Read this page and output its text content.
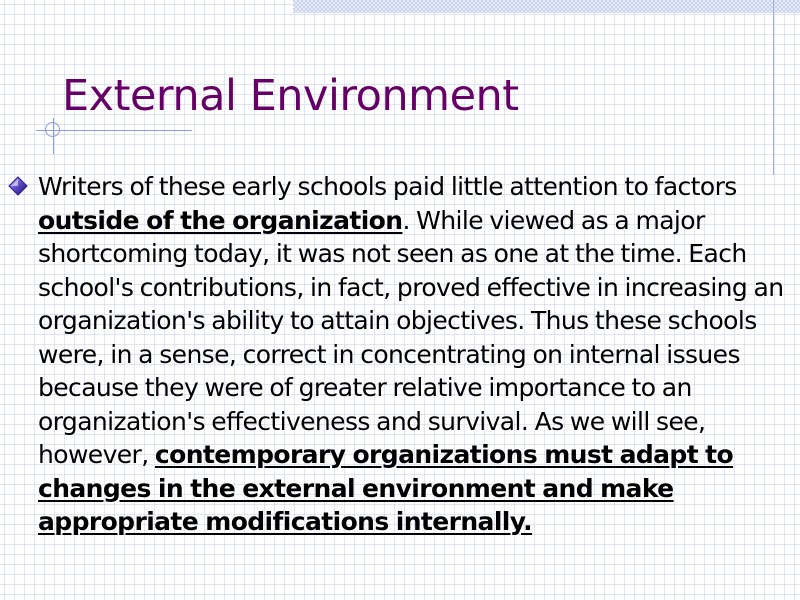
External Environment

Writers of these early schools paid little attention to factors outside of the organization. While viewed as a major shortcoming today, it was not seen as one at the time. Each school's contributions, in fact, proved effective in increasing an organization's ability to attain objectives. Thus these schools were, in a sense, correct in concentrating on internal issues because they were of greater relative importance to an organization's effectiveness and survival. As we will see, however, contemporary organizations must adapt to changes in the external environment and make appropriate modifications internally.
